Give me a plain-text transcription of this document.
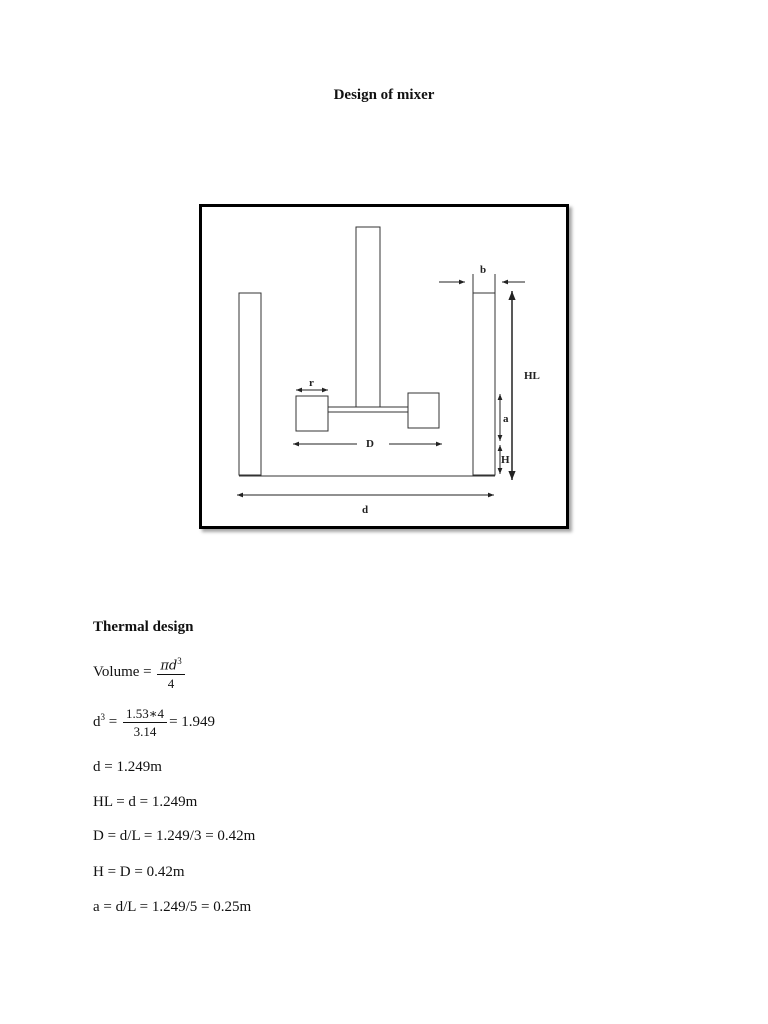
Design of mixer
r
D
d
b
HL
a
H
Thermal design
Volume = $\frac{\pi d^3}{4}$
$d^3 = \frac{1.53∗4}{3.14} = 1.949$
d = 1.249m
HL = d = 1.249m
D = d/L = 1.249/3 = 0.42m
H = D = 0.42m
a = d/L = 1.249/5 = 0.25m
